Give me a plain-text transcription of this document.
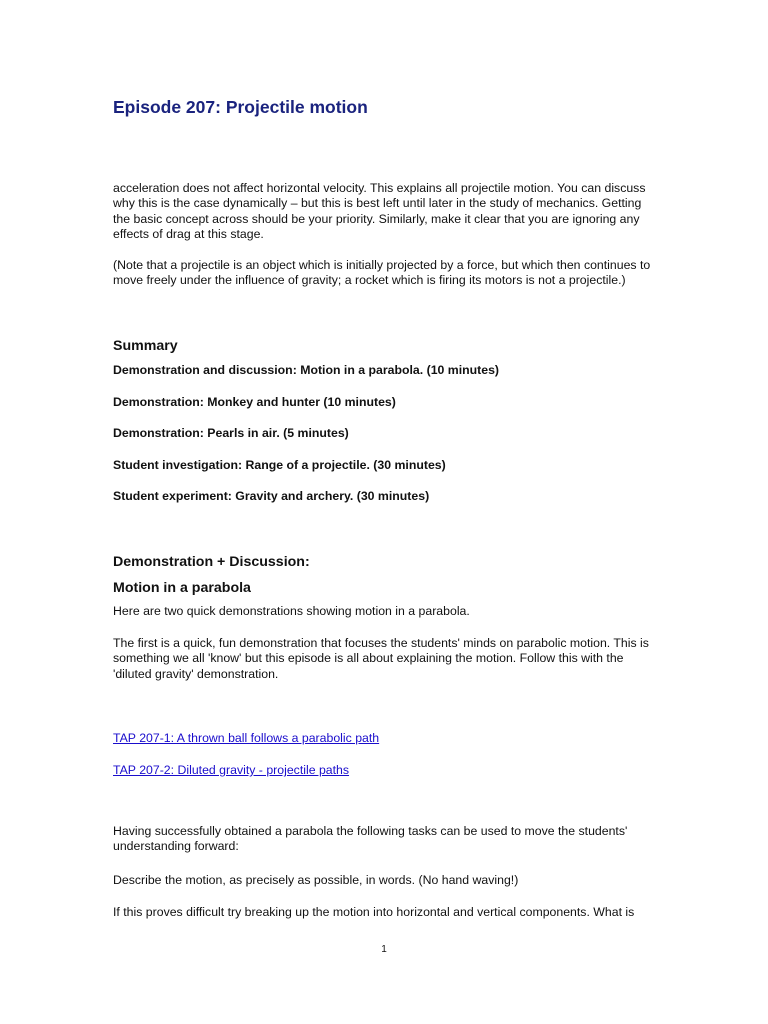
Episode 207: Projectile motion

acceleration does not affect horizontal velocity. This explains all projectile motion. You can discuss why this is the case dynamically – but this is best left until later in the study of mechanics. Getting the basic concept across should be your priority. Similarly, make it clear that you are ignoring any effects of drag at this stage.

(Note that a projectile is an object which is initially projected by a force, but which then continues to move freely under the influence of gravity; a rocket which is firing its motors is not a projectile.)

Summary

Demonstration and discussion: Motion in a parabola. (10 minutes)

Demonstration: Monkey and hunter (10 minutes)

Demonstration: Pearls in air. (5 minutes)

Student investigation: Range of a projectile. (30 minutes)

Student experiment: Gravity and archery. (30 minutes)

Demonstration + Discussion:
Motion in a parabola

Here are two quick demonstrations showing motion in a parabola.

The first is a quick, fun demonstration that focuses the students' minds on parabolic motion. This is something we all 'know' but this episode is all about explaining the motion. Follow this with the 'diluted gravity' demonstration.

TAP 207-1: A thrown ball follows a parabolic path
TAP 207-2: Diluted gravity - projectile paths

Having successfully obtained a parabola the following tasks can be used to move the students' understanding forward:

Describe the motion, as precisely as possible, in words. (No hand waving!)

If this proves difficult try breaking up the motion into horizontal and vertical components. What is

1
